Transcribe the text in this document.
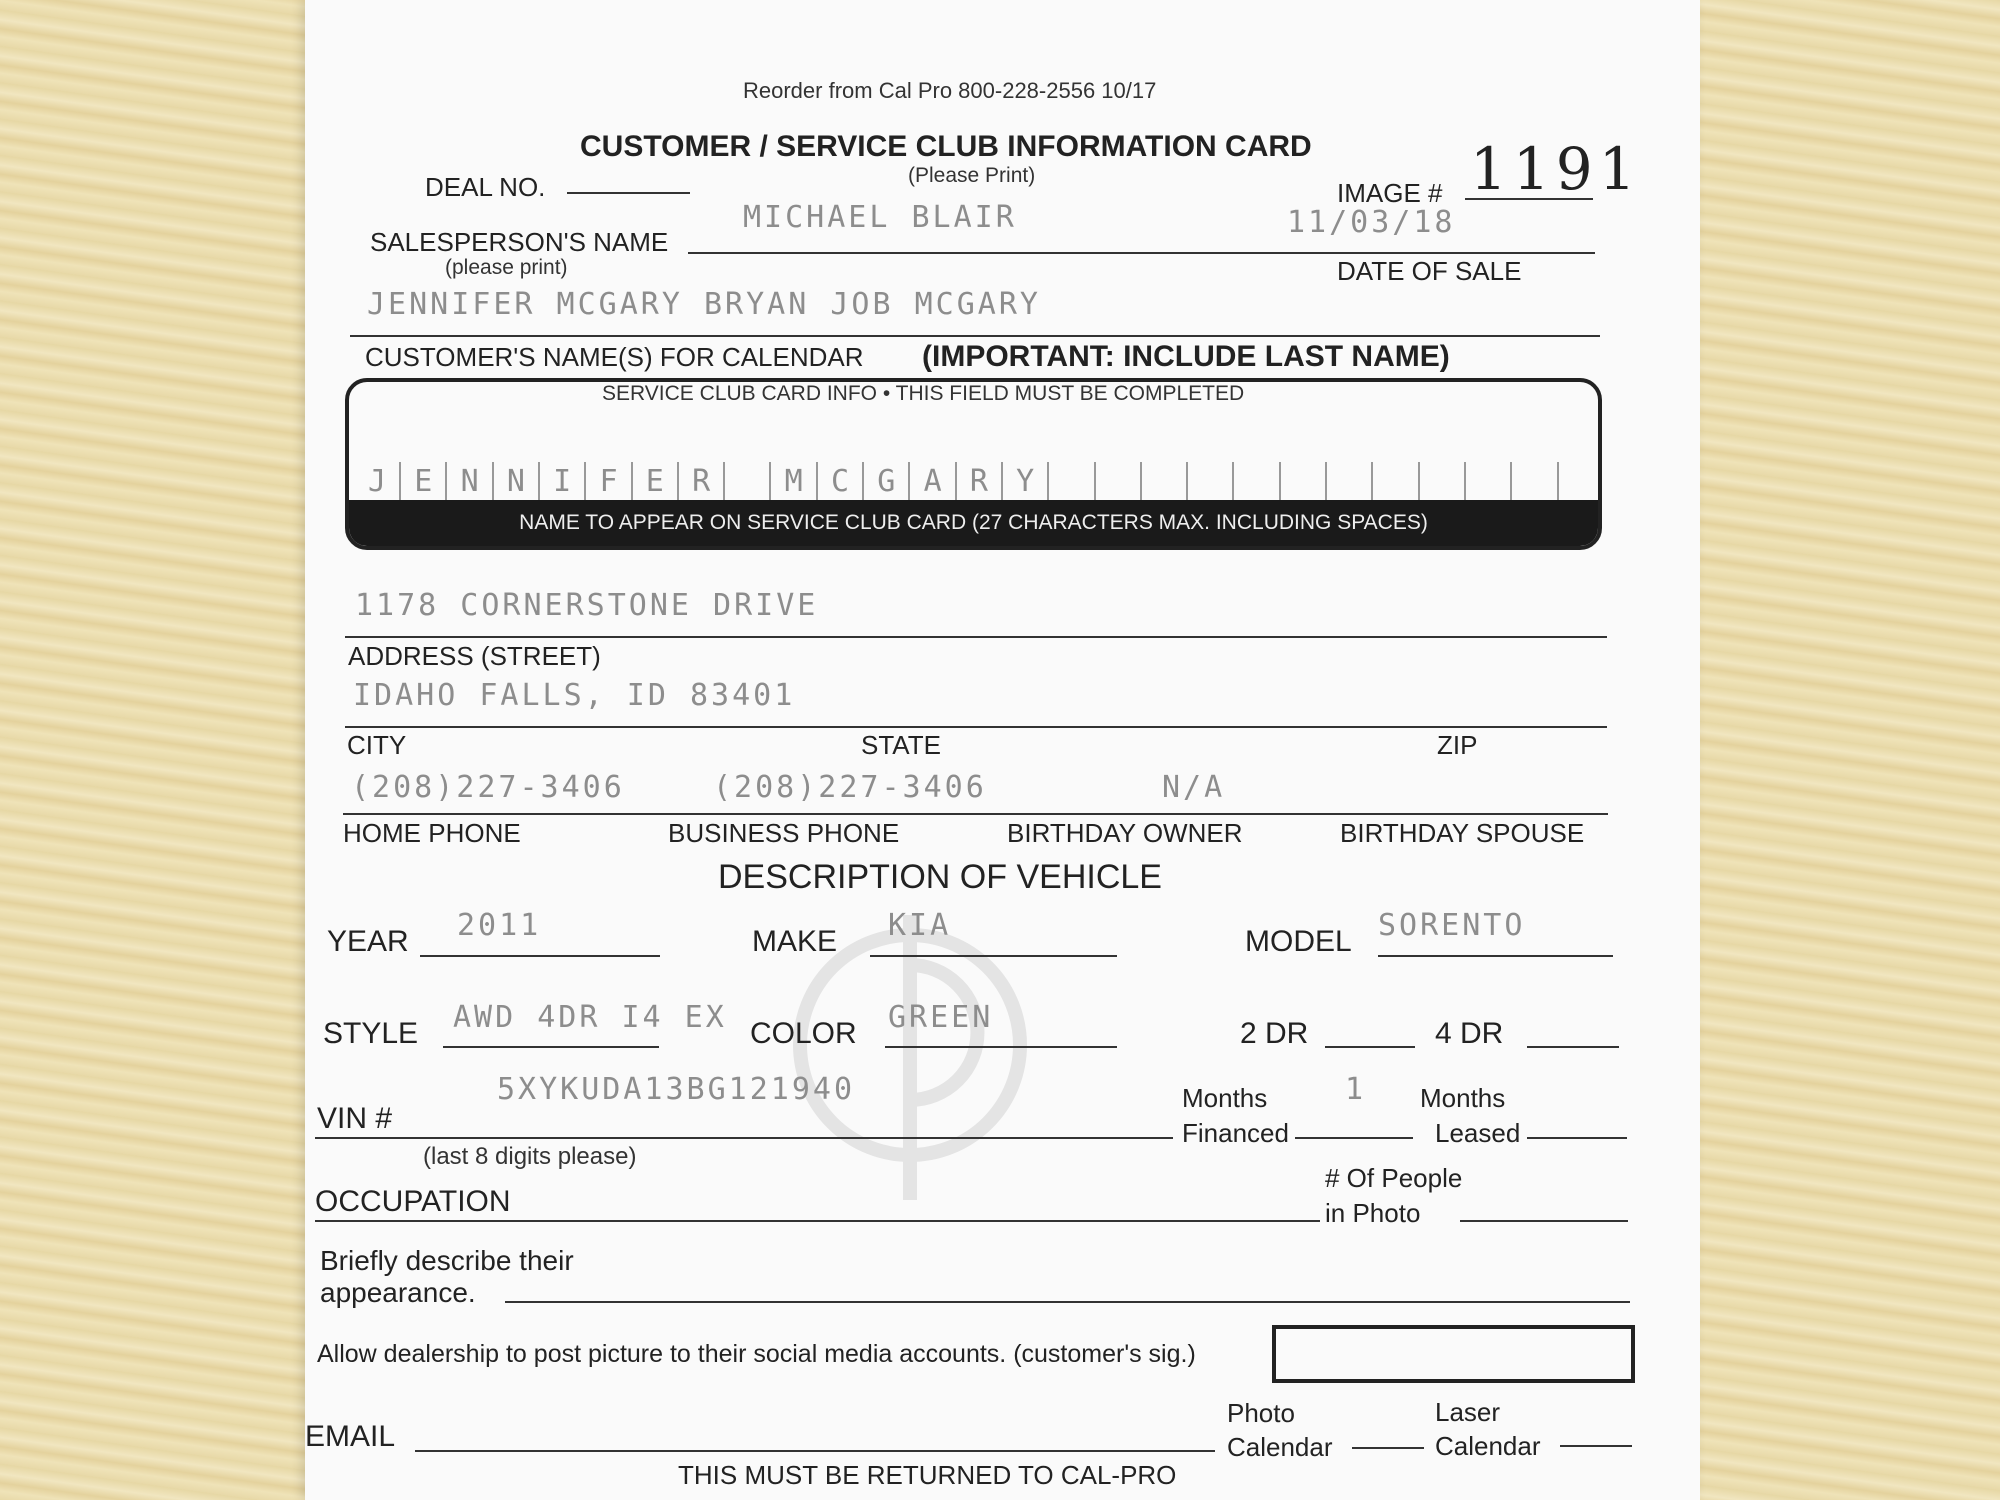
Reorder from Cal Pro 800-228-2556 10/17
CUSTOMER / SERVICE CLUB INFORMATION CARD
(Please Print)
DEAL NO.	IMAGE # 1191
SALESPERSON'S NAME
(please print)
MICHAEL BLAIR	11/03/18
DATE OF SALE
JENNIFER MCGARY BRYAN JOB MCGARY
CUSTOMER'S NAME(S) FOR CALENDAR (IMPORTANT: INCLUDE LAST NAME)
SERVICE CLUB CARD INFO • THIS FIELD MUST BE COMPLETED
J E N N I F E R	M C G A R Y
NAME TO APPEAR ON SERVICE CLUB CARD (27 CHARACTERS MAX. INCLUDING SPACES)
1178 CORNERSTONE DRIVE
ADDRESS (STREET)
IDAHO FALLS, ID 83401
CITY	STATE	ZIP
(208)227-3406	(208)227-3406	N/A
HOME PHONE	BUSINESS PHONE	BIRTHDAY OWNER	BIRTHDAY SPOUSE
DESCRIPTION OF VEHICLE
YEAR 2011	MAKE KIA	MODEL SORENTO
STYLE AWD 4DR I4 EX COLOR GREEN	2 DR	4 DR
VIN #
5XYKUDA13BG121940
(last 8 digits please)
Months
Financed
1 Months
Leased
OCCUPATION
# Of People
in Photo
Briefly describe their
appearance.
Allow dealership to post picture to their social media accounts. (customer's sig.)
EMAIL
Photo
Calendar
Laser
Calendar
THIS MUST BE RETURNED TO CAL-PRO
